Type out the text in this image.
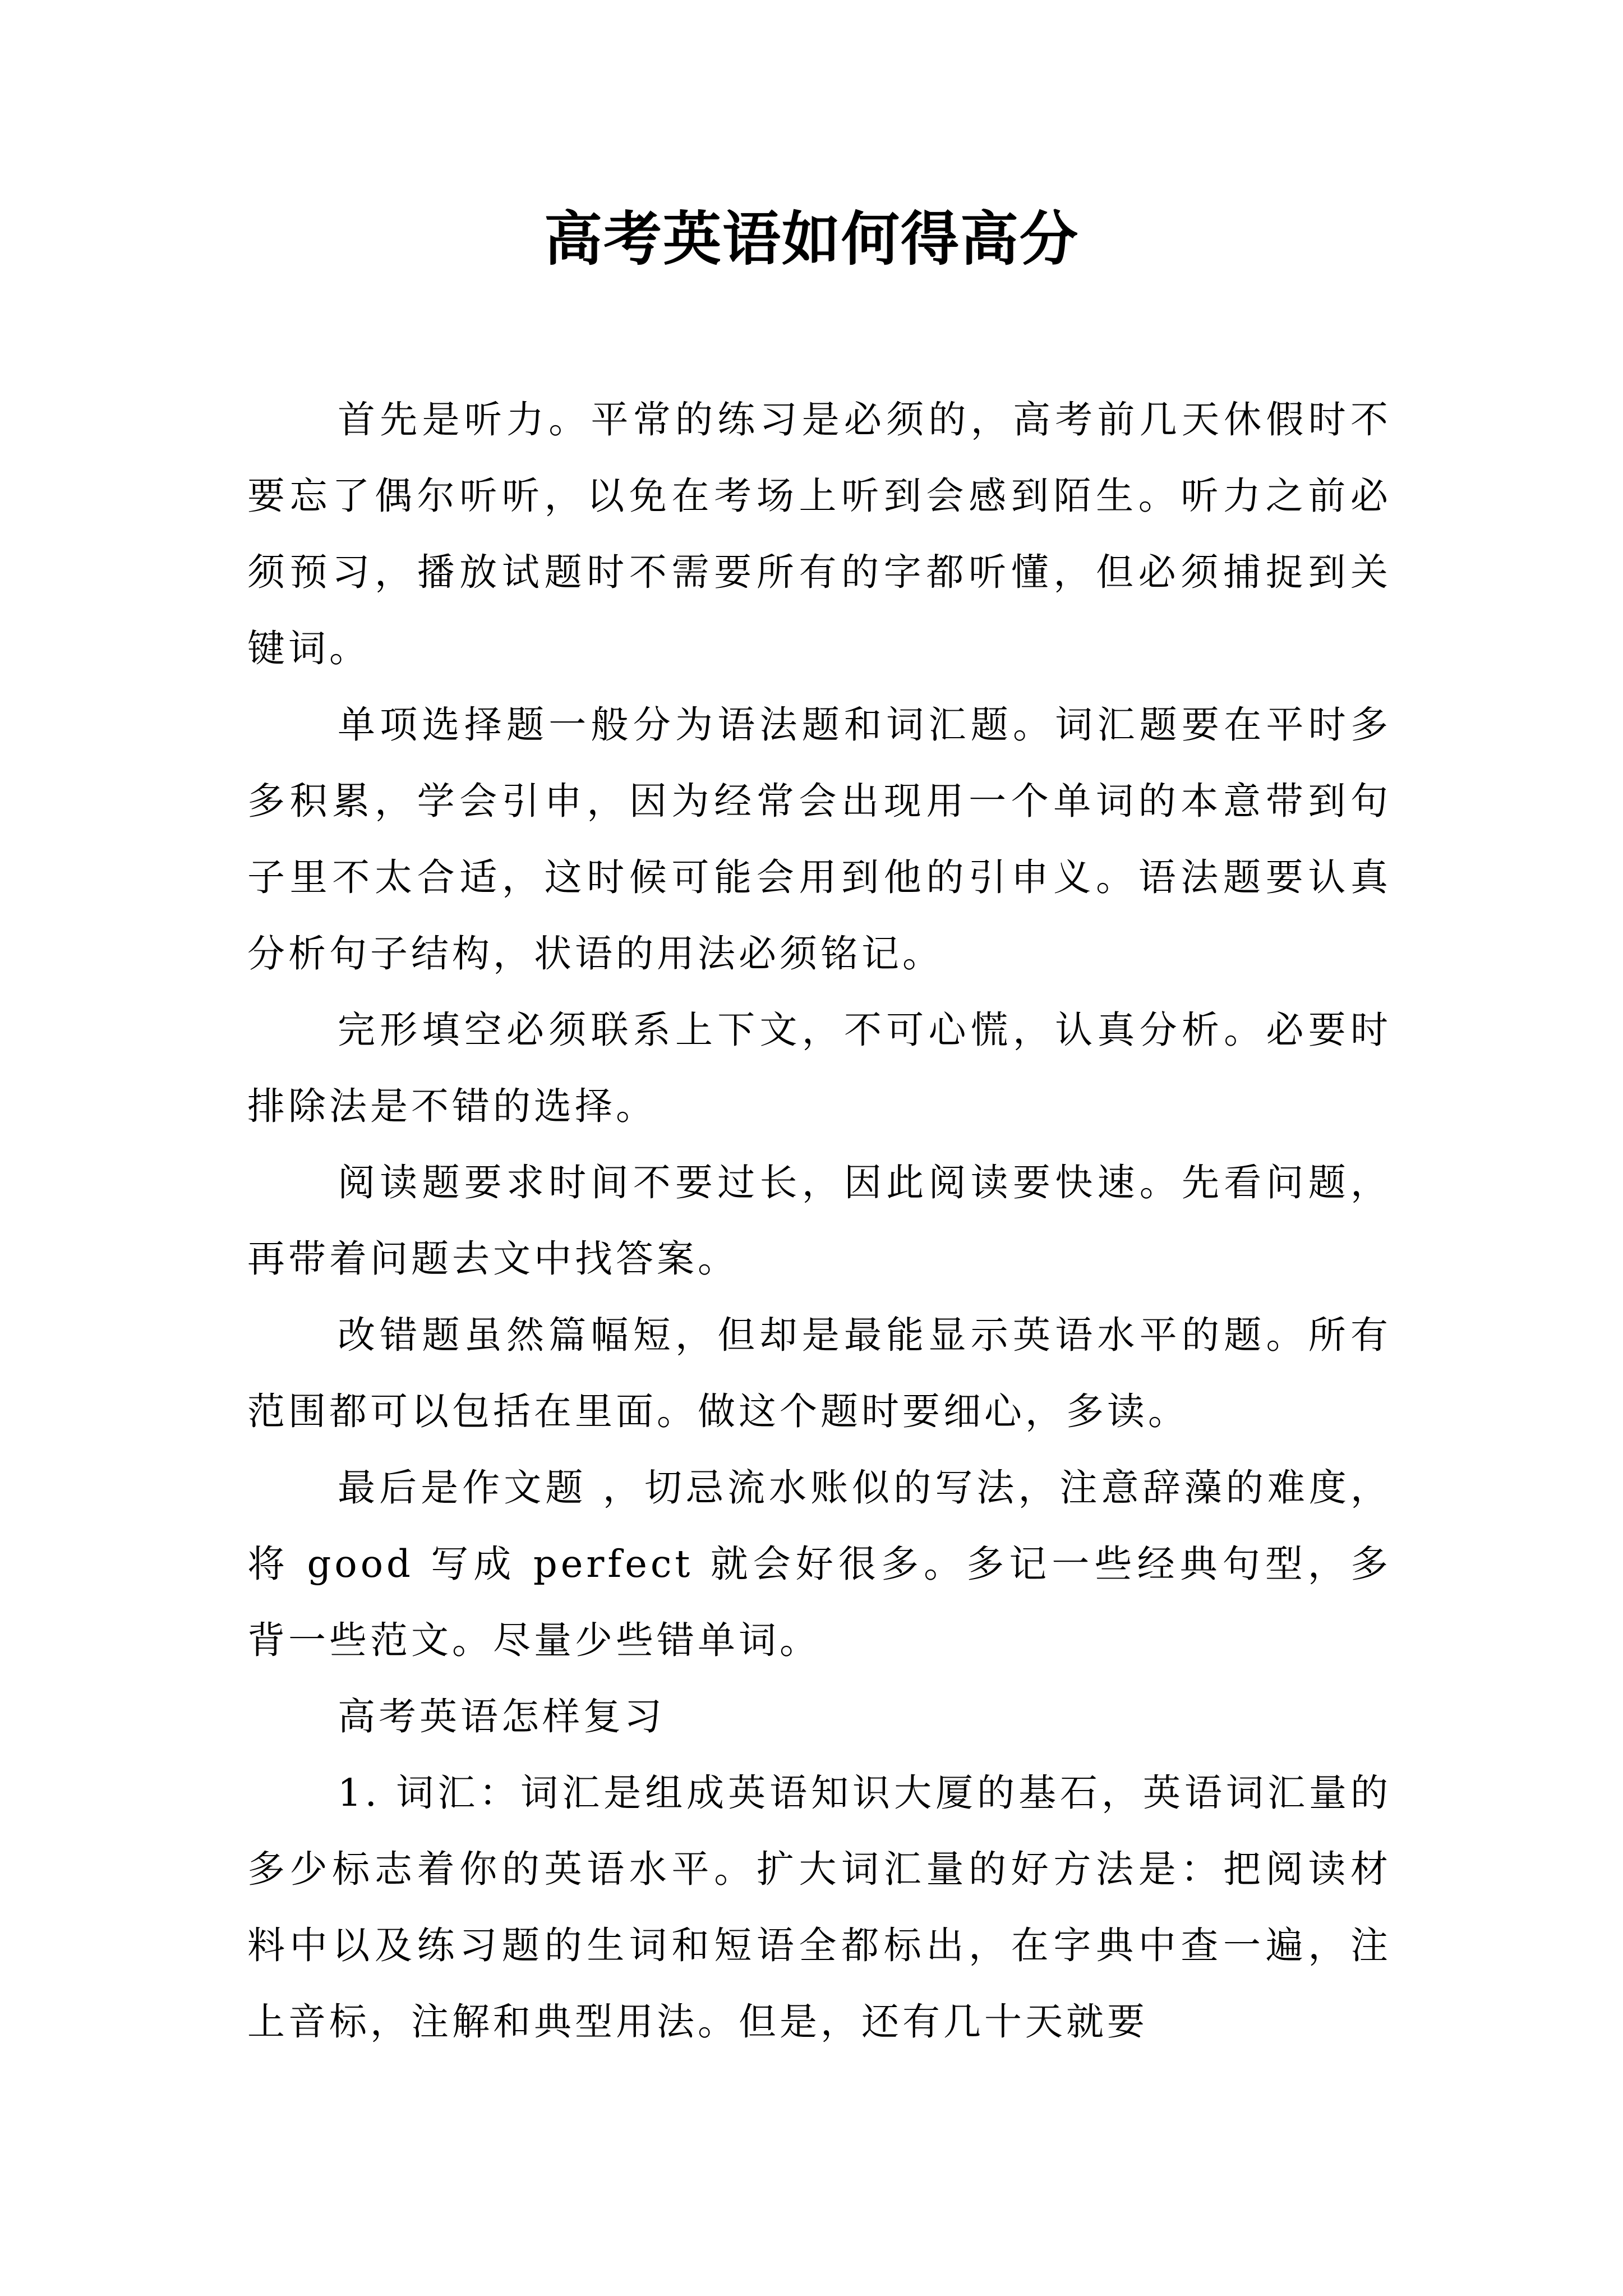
高考英语如何得高分

首先是听力。平常的练习是必须的，高考前几天休假时不要忘了偶尔听听，以免在考场上听到会感到陌生。听力之前必须预习，播放试题时不需要所有的字都听懂，但必须捕捉到关键词。

单项选择题一般分为语法题和词汇题。词汇题要在平时多多积累，学会引申，因为经常会出现用一个单词的本意带到句子里不太合适，这时候可能会用到他的引申义。语法题要认真分析句子结构，状语的用法必须铭记。

完形填空必须联系上下文，不可心慌，认真分析。必要时排除法是不错的选择。

阅读题要求时间不要过长，因此阅读要快速。先看问题，再带着问题去文中找答案。

改错题虽然篇幅短，但却是最能显示英语水平的题。所有范围都可以包括在里面。做这个题时要细心，多读。

最后是作文题 ，切忌流水账似的写法，注意辞藻的难度，将 good 写成 perfect 就会好很多。多记一些经典句型，多背一些范文。尽量少些错单词。

高考英语怎样复习

1. 词汇：词汇是组成英语知识大厦的基石，英语词汇量的多少标志着你的英语水平。扩大词汇量的好方法是：把阅读材料中以及练习题的生词和短语全都标出，在字典中查一遍，注上音标，注解和典型用法。但是，还有几十天就要
